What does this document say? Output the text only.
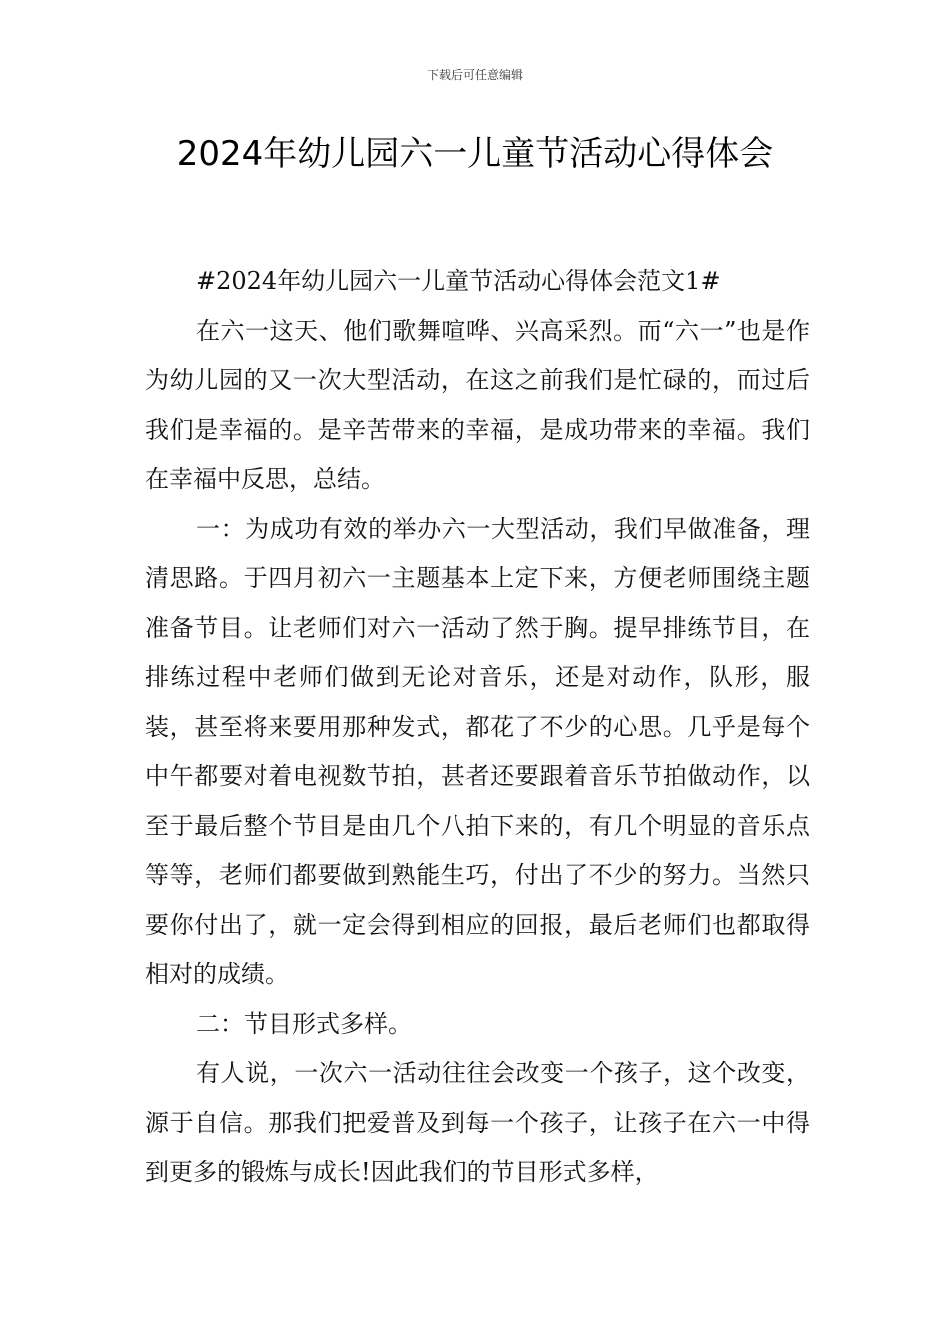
下载后可任意编辑
2024年幼儿园六一儿童节活动心得体会

#2024年幼儿园六一儿童节活动心得体会范文1#

在六一这天、他们歌舞喧哗、兴高采烈。而“六一”也是作为幼儿园的又一次大型活动，在这之前我们是忙碌的，而过后我们是幸福的。是辛苦带来的幸福，是成功带来的幸福。我们在幸福中反思，总结。

一：为成功有效的举办六一大型活动，我们早做准备，理清思路。于四月初六一主题基本上定下来，方便老师围绕主题准备节目。让老师们对六一活动了然于胸。提早排练节目，在排练过程中老师们做到无论对音乐，还是对动作，队形，服装，甚至将来要用那种发式，都花了不少的心思。几乎是每个中午都要对着电视数节拍，甚者还要跟着音乐节拍做动作，以至于最后整个节目是由几个八拍下来的，有几个明显的音乐点等等，老师们都要做到熟能生巧，付出了不少的努力。当然只要你付出了，就一定会得到相应的回报，最后老师们也都取得相对的成绩。

二：节目形式多样。

有人说，一次六一活动往往会改变一个孩子，这个改变，源于自信。那我们把爱普及到每一个孩子，让孩子在六一中得到更多的锻炼与成长!因此我们的节目形式多样，
